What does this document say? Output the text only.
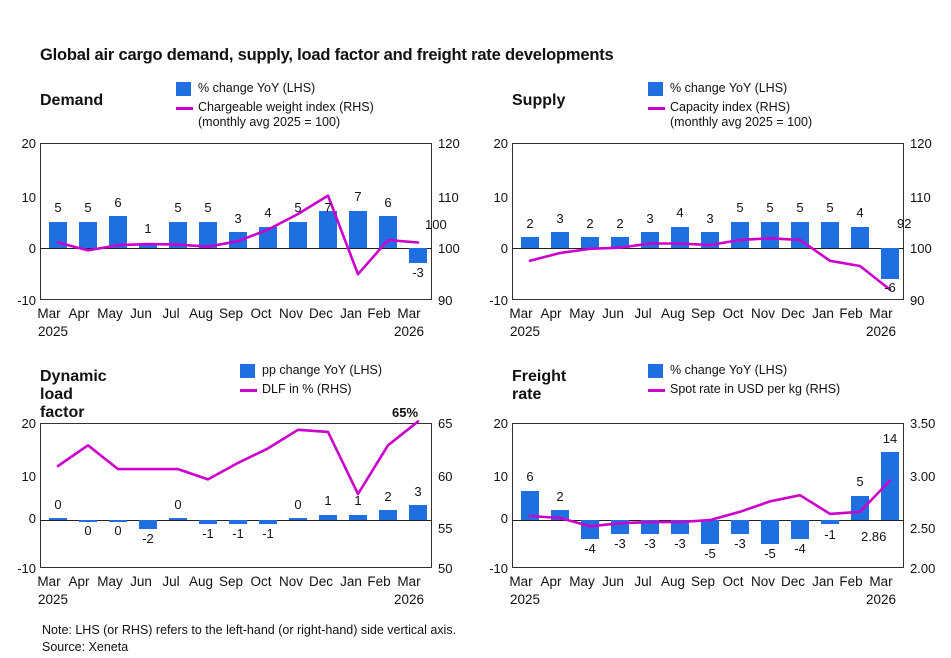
Global air cargo demand, supply, load factor and freight rate developments
Demand
% change YoY (LHS)
Chargeable weight index (RHS)
(monthly avg 2025 = 100)
20
10
0
-10
120
110
100
90
5	5	6
1
5	5
3	4	5	7
7	6
-3
100
Mar Apr May Jun Jul Aug Sep Oct Nov Dec Jan Feb Mar
2025	2026
Supply
% change YoY (LHS)
Capacity index (RHS)
(monthly avg 2025 = 100)
20
10
0
-10
120
110
100
90
2	3	2	2	3	4	3
5	5	5	5	4
-6
92
Mar Apr May Jun Jul Aug Sep Oct Nov Dec Jan Feb Mar
2025	2026
Dynamic load factor
pp change YoY (LHS)
DLF in % (RHS)
20
10
0
-10
65
60
55
50
0
0	0
-2
0
-1	-1	-1
0	1	1	2	3
65%
Mar Apr May Jun Jul Aug Sep Oct Nov Dec Jan Feb Mar
2025	2026
Freight rate
% change YoY (LHS)
Spot rate in USD per kg (RHS)
20
10
0
-10
3.50
3.00
2.50
2.00
6
2
-4	-3	-3	-3
-5
-3
-5	-4
-1
5
14
2.86
Mar Apr May Jun Jul Aug Sep Oct Nov Dec Jan Feb Mar
2025	2026
Note: LHS (or RHS) refers to the left-hand (or right-hand) side vertical axis.
Source: Xeneta
